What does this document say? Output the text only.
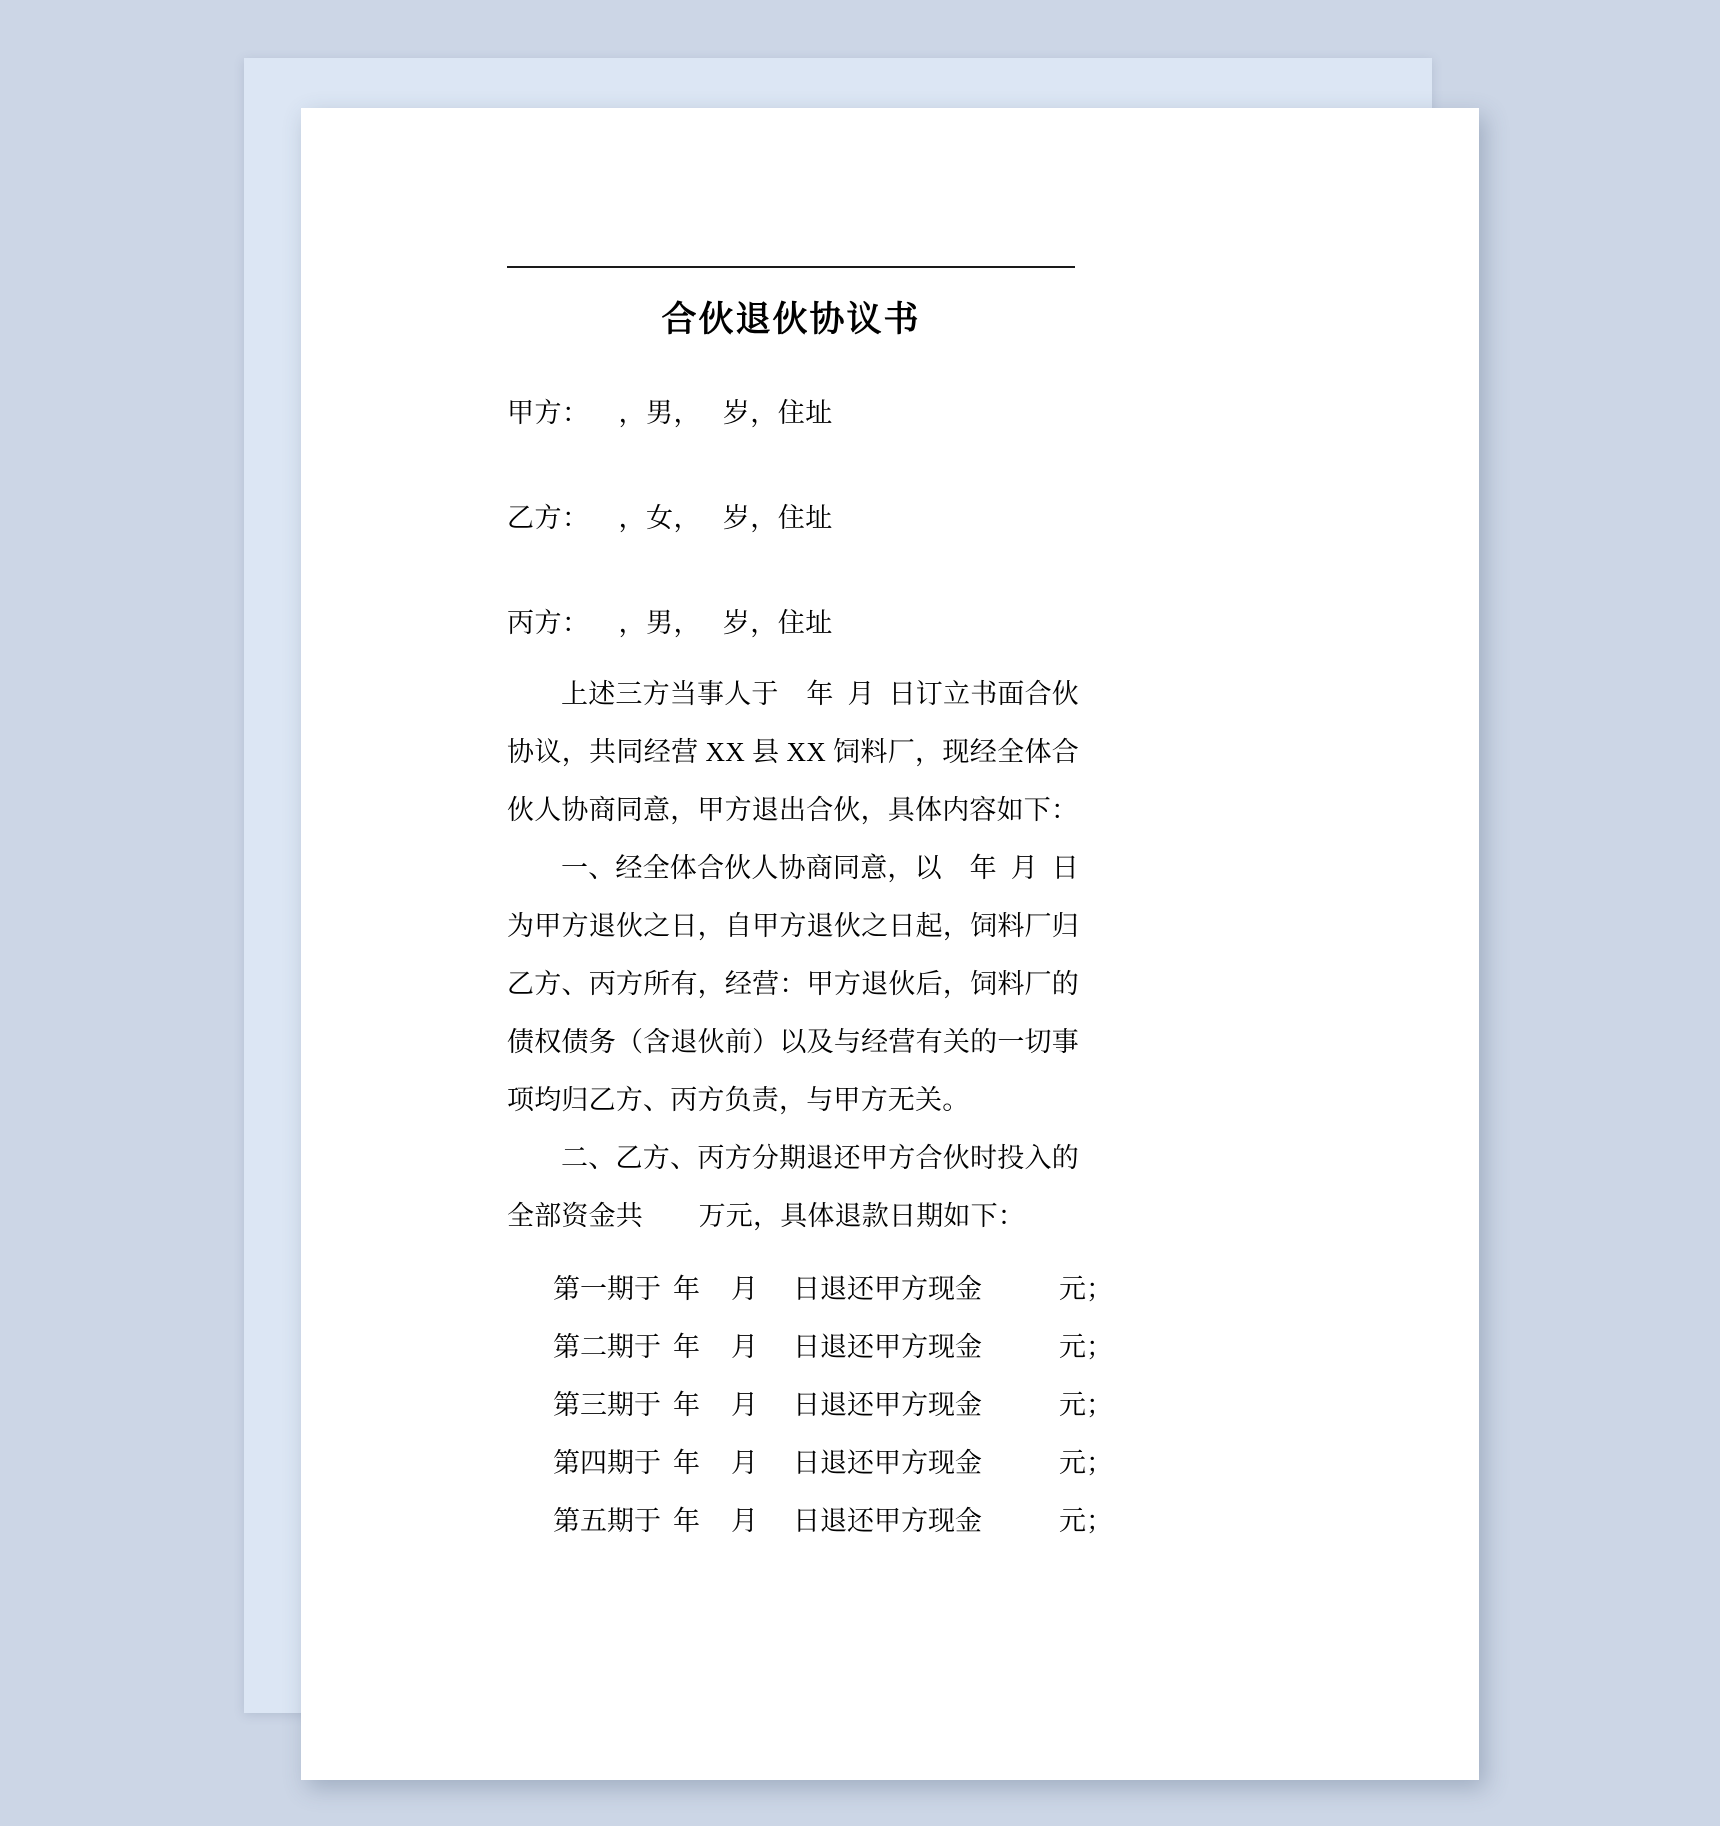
合伙退伙协议书
甲方：    ，男，   岁，住址
乙方：    ，女，   岁，住址
丙方：    ，男，   岁，住址

上述三方当事人于    年  月  日订立书面合伙协议，共同经营 XX 县 XX 饲料厂，现经全体合伙人协商同意，甲方退出合伙，具体内容如下：

一、经全体合伙人协商同意，以    年  月  日为甲方退伙之日，自甲方退伙之日起，饲料厂归乙方、丙方所有，经营：甲方退伙后，饲料厂的债权债务（含退伙前）以及与经营有关的一切事项均归乙方、丙方负责，与甲方无关。

二、乙方、丙方分期退还甲方合伙时投入的全部资金共        万元，具体退款日期如下：

第一期于 年	月	日退还甲方现金	元；
第二期于 年	月	日退还甲方现金	元；
第三期于 年	月	日退还甲方现金	元；
第四期于 年	月	日退还甲方现金	元；
第五期于 年	月	日退还甲方现金	元；
